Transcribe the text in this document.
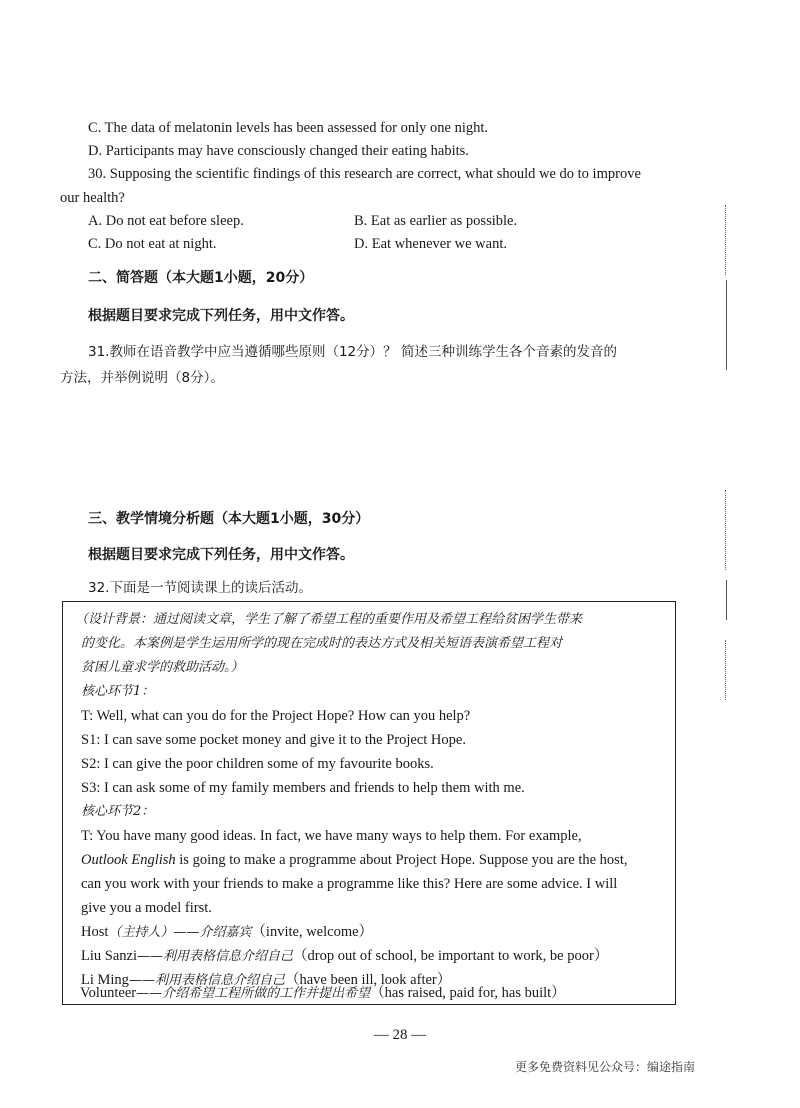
C. The data of melatonin levels has been assessed for only one night.
D. Participants may have consciously changed their eating habits.
30. Supposing the scientific findings of this research are correct, what should we do to improve
our health?
A. Do not eat before sleep.	B. Eat as earlier as possible.
C. Do not eat at night.	D. Eat whenever we want.
二、简答题（本大题1小题，20分）
根据题目要求完成下列任务，用中文作答。
31.教师在语音教学中应当遵循哪些原则（12分）？ 简述三种训练学生各个音素的发音的
方法，并举例说明（8分）。
三、教学情境分析题（本大题1小题，30分）
根据题目要求完成下列任务，用中文作答。
32.下面是一节阅读课上的读后活动。
（设计背景：通过阅读文章，学生了解了希望工程的重要作用及希望工程给贫困学生带来
的变化。本案例是学生运用所学的现在完成时的表达方式及相关短语表演希望工程对
贫困儿童求学的救助活动。）
核心环节1：
T: Well, what can you do for the Project Hope? How can you help?
S1: I can save some pocket money and give it to the Project Hope.
S2: I can give the poor children some of my favourite books.
S3: I can ask some of my family members and friends to help them with me.
核心环节2：
T: You have many good ideas. In fact, we have many ways to help them. For example,
Outlook English is going to make a programme about Project Hope. Suppose you are the host,
can you work with your friends to make a programme like this? Here are some advice. I will
give you a model first.
Host（主持人）——介绍嘉宾（invite, welcome）
Liu Sanzi——利用表格信息介绍自己（drop out of school, be important to work, be poor）
Li Ming——利用表格信息介绍自己（have been ill, look after）
Volunteer——介绍希望工程所做的工作并提出希望（has raised, paid for, has built）
— 28 —
更多免费资料见公众号：编途指南
